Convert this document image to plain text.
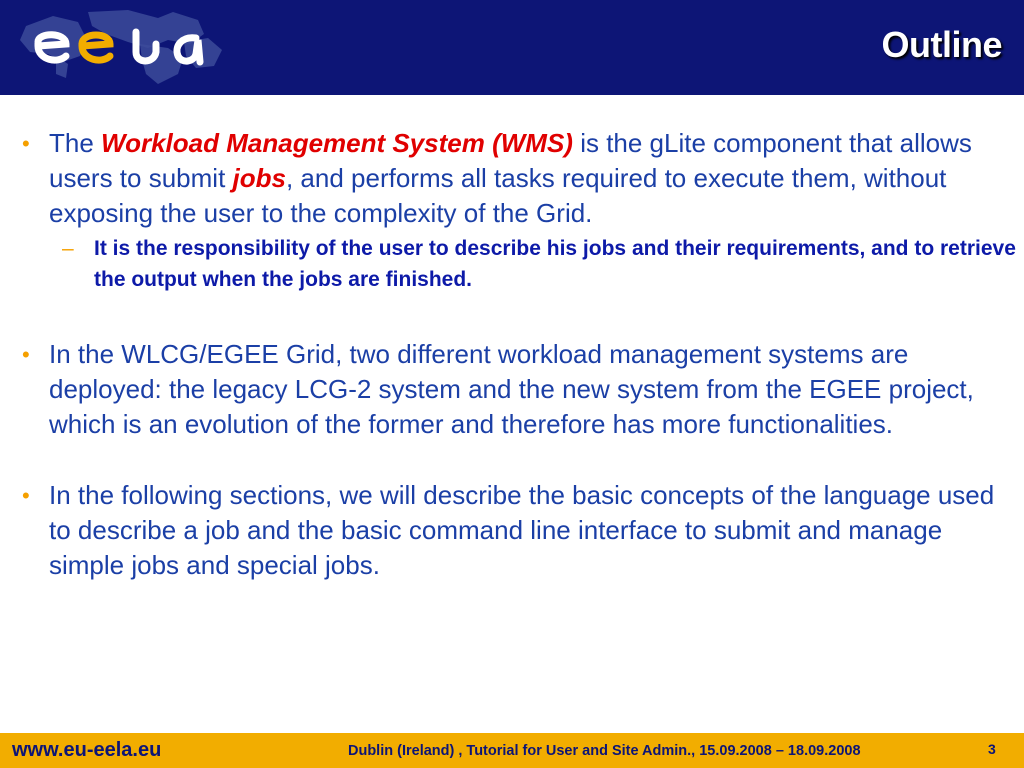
Outline
• The Workload Management System (WMS) is the gLite component that allows users to submit jobs, and performs all tasks required to execute them, without exposing the user to the complexity of the Grid.
– It is the responsibility of the user to describe his jobs and their requirements, and to retrieve the output when the jobs are finished.
• In the WLCG/EGEE Grid, two different workload management systems are deployed: the legacy LCG-2 system and the new system from the EGEE project, which is an evolution of the former and therefore has more functionalities.
• In the following sections, we will describe the basic concepts of the language used to describe a job and the basic command line interface to submit and manage simple jobs and special jobs.
www.eu-eela.eu	Dublin (Ireland) , Tutorial for User and Site Admin., 15.09.2008 – 18.09.2008	3
